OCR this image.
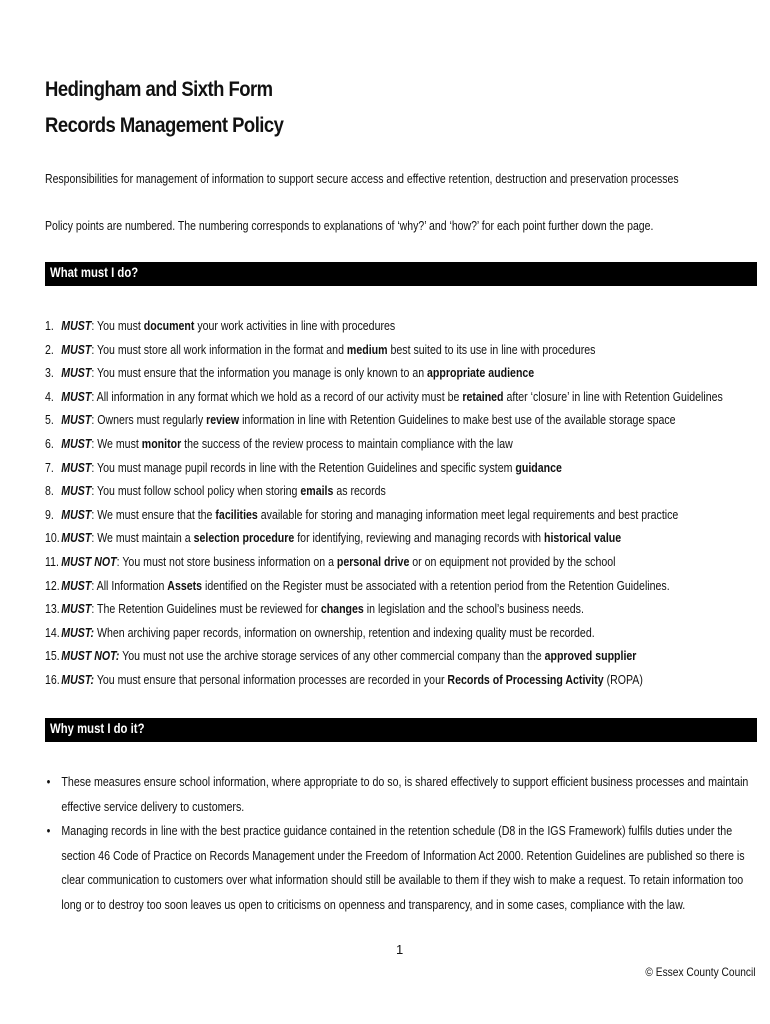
Hedingham and Sixth Form
Records Management Policy
Responsibilities for management of information to support secure access and effective retention, destruction and preservation processes
Policy points are numbered. The numbering corresponds to explanations of ‘why?’ and ‘how?’ for each point further down the page.
What must I do?
1. MUST: You must document your work activities in line with procedures
2. MUST: You must store all work information in the format and medium best suited to its use in line with procedures
3. MUST: You must ensure that the information you manage is only known to an appropriate audience
4. MUST: All information in any format which we hold as a record of our activity must be retained after ‘closure’ in line with Retention Guidelines
5. MUST: Owners must regularly review information in line with Retention Guidelines to make best use of the available storage space
6. MUST: We must monitor the success of the review process to maintain compliance with the law
7. MUST: You must manage pupil records in line with the Retention Guidelines and specific system guidance
8. MUST: You must follow school policy when storing emails as records
9. MUST: We must ensure that the facilities available for storing and managing information meet legal requirements and best practice
10. MUST: We must maintain a selection procedure for identifying, reviewing and managing records with historical value
11. MUST NOT: You must not store business information on a personal drive or on equipment not provided by the school
12. MUST: All Information Assets identified on the Register must be associated with a retention period from the Retention Guidelines.
13. MUST: The Retention Guidelines must be reviewed for changes in legislation and the school’s business needs.
14. MUST: When archiving paper records, information on ownership, retention and indexing quality must be recorded.
15. MUST NOT: You must not use the archive storage services of any other commercial company than the approved supplier
16. MUST: You must ensure that personal information processes are recorded in your Records of Processing Activity (ROPA)
Why must I do it?
• These measures ensure school information, where appropriate to do so, is shared effectively to support efficient business processes and maintain effective service delivery to customers.
• Managing records in line with the best practice guidance contained in the retention schedule (D8 in the IGS Framework) fulfils duties under the section 46 Code of Practice on Records Management under the Freedom of Information Act 2000. Retention Guidelines are published so there is clear communication to customers over what information should still be available to them if they wish to make a request. To retain information too long or to destroy too soon leaves us open to criticisms on openness and transparency, and in some cases, compliance with the law.
1
© Essex County Council
